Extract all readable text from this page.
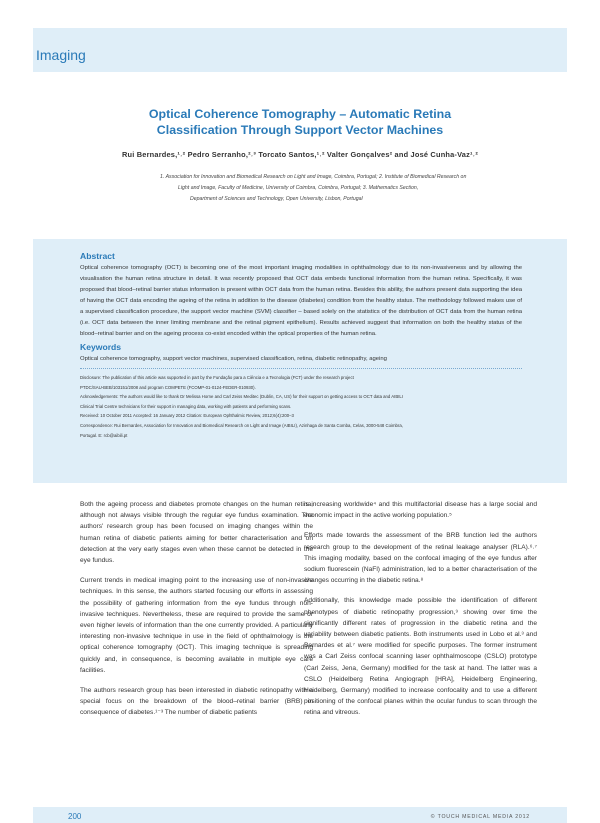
Imaging
Optical Coherence Tomography – Automatic Retina
Classification Through Support Vector Machines
Rui Bernardes,¹˒² Pedro Serranho,²˒³ Torcato Santos,¹˒² Valter Gonçalves² and José Cunha-Vaz¹˒²
1. Association for Innovation and Biomedical Research on Light and Image, Coimbra, Portugal; 2. Institute of Biomedical Research on
Light and Image, Faculty of Medicine, University of Coimbra, Coimbra, Portugal; 3. Mathematics Section,
Department of Sciences and Technology, Open University, Lisbon, Portugal
Abstract
Optical coherence tomography (OCT) is becoming one of the most important imaging modalities in ophthalmology due to its non-invasiveness and by allowing the visualisation the human retina structure in detail. It was recently proposed that OCT data embeds functional information from the human retina. Specifically, it was proposed that blood–retinal barrier status information is present within OCT data from the human retina. Besides this ability, the authors present data supporting the idea of having the OCT data encoding the ageing of the retina in addition to the disease (diabetes) condition from the healthy status. The methodology followed makes use of a supervised classification procedure, the support vector machine (SVM) classifier – based solely on the statistics of the distribution of OCT data from the human retina (i.e. OCT data between the inner limiting membrane and the retinal pigment epithelium). Results achieved suggest that information on both the healthy status of the blood–retinal barrier and on the ageing process co-exist encoded within the optical properties of the human retina.
Keywords
Optical coherence tomography, support vector machines, supervised classification, retina, diabetic retinopathy, ageing
Disclosure: The publication of this article was supported in part by the Fundação para a Ciência e a Tecnologia (FCT) under the research project
PTDC/SAU-BEB/103151/2008 and program COMPETE (FCOMP-01-0124-FEDER-010930).
Acknowledgements: The authors would like to thank Dr Melissa Horne and Carl Zeiss Meditec (Dublin, CA, US) for their support on getting access to OCT data and AIBILI
Clinical Trial Centre technicians for their support in managing data, working with patients and performing scans.
Received: 10 October 2011 Accepted: 16 January 2012 Citation: European Ophthalmic Review, 2012;6(4):200–3
Correspondence: Rui Bernardes, Association for Innovation and Biomedical Research on Light and Image (AIBILI), Azinhaga de Santa Comba, Celas, 3000-548 Coimbra,
Portugal. E: rcb@aibili.pt

Both the ageing process and diabetes promote changes on the human retina, although not always visible through the regular eye fundus examination. The authors' research group has been focused on imaging changes within the human retina of diabetic patients aiming for better characterisation and on detection at the very early stages even when these cannot be detected in the eye fundus.

Current trends in medical imaging point to the increasing use of non-invasive techniques. In this sense, the authors started focusing our efforts in assessing the possibility of gathering information from the eye fundus through non-invasive techniques. Nevertheless, these are required to provide the same or even higher levels of information than the one currently provided. A particularly interesting non-invasive technique in use in the field of ophthalmology is the optical coherence tomography (OCT). This imaging technique is spreading quickly and, in consequence, is becoming available in multiple eye care facilities.

The authors research group has been interested in diabetic retinopathy with a special focus on the breakdown of the blood–retinal barrier (BRB) in consequence of diabetes.¹⁻³ The number of diabetic patients

is increasing worldwide⁴ and this multifactorial disease has a large social and economic impact in the active working population.⁵

Efforts made towards the assessment of the BRB function led the authors research group to the development of the retinal leakage analyser (RLA).⁶˒⁷ This imaging modality, based on the confocal imaging of the eye fundus after sodium fluorescein (NaFl) administration, led to a better characterisation of the changes occurring in the diabetic retina.⁸

Additionally, this knowledge made possible the identification of different phenotypes of diabetic retinopathy progression,⁹ showing over time the significantly different rates of progression in the diabetic retina and the variability between diabetic patients. Both instruments used in Lobo et al.³ and Bernardes et al.⁷ were modified for specific purposes. The former instrument was a Carl Zeiss confocal scanning laser ophthalmoscope (CSLO) prototype (Carl Zeiss, Jena, Germany) modified for the task at hand. The latter was a CSLO (Heidelberg Retina Angiograph [HRA], Heidelberg Engineering, Heidelberg, Germany) modified to increase confocality and to use a different positioning of the confocal planes within the ocular fundus to scan through the retina and vitreous.

200	© TOUCH MEDICAL MEDIA 2012
